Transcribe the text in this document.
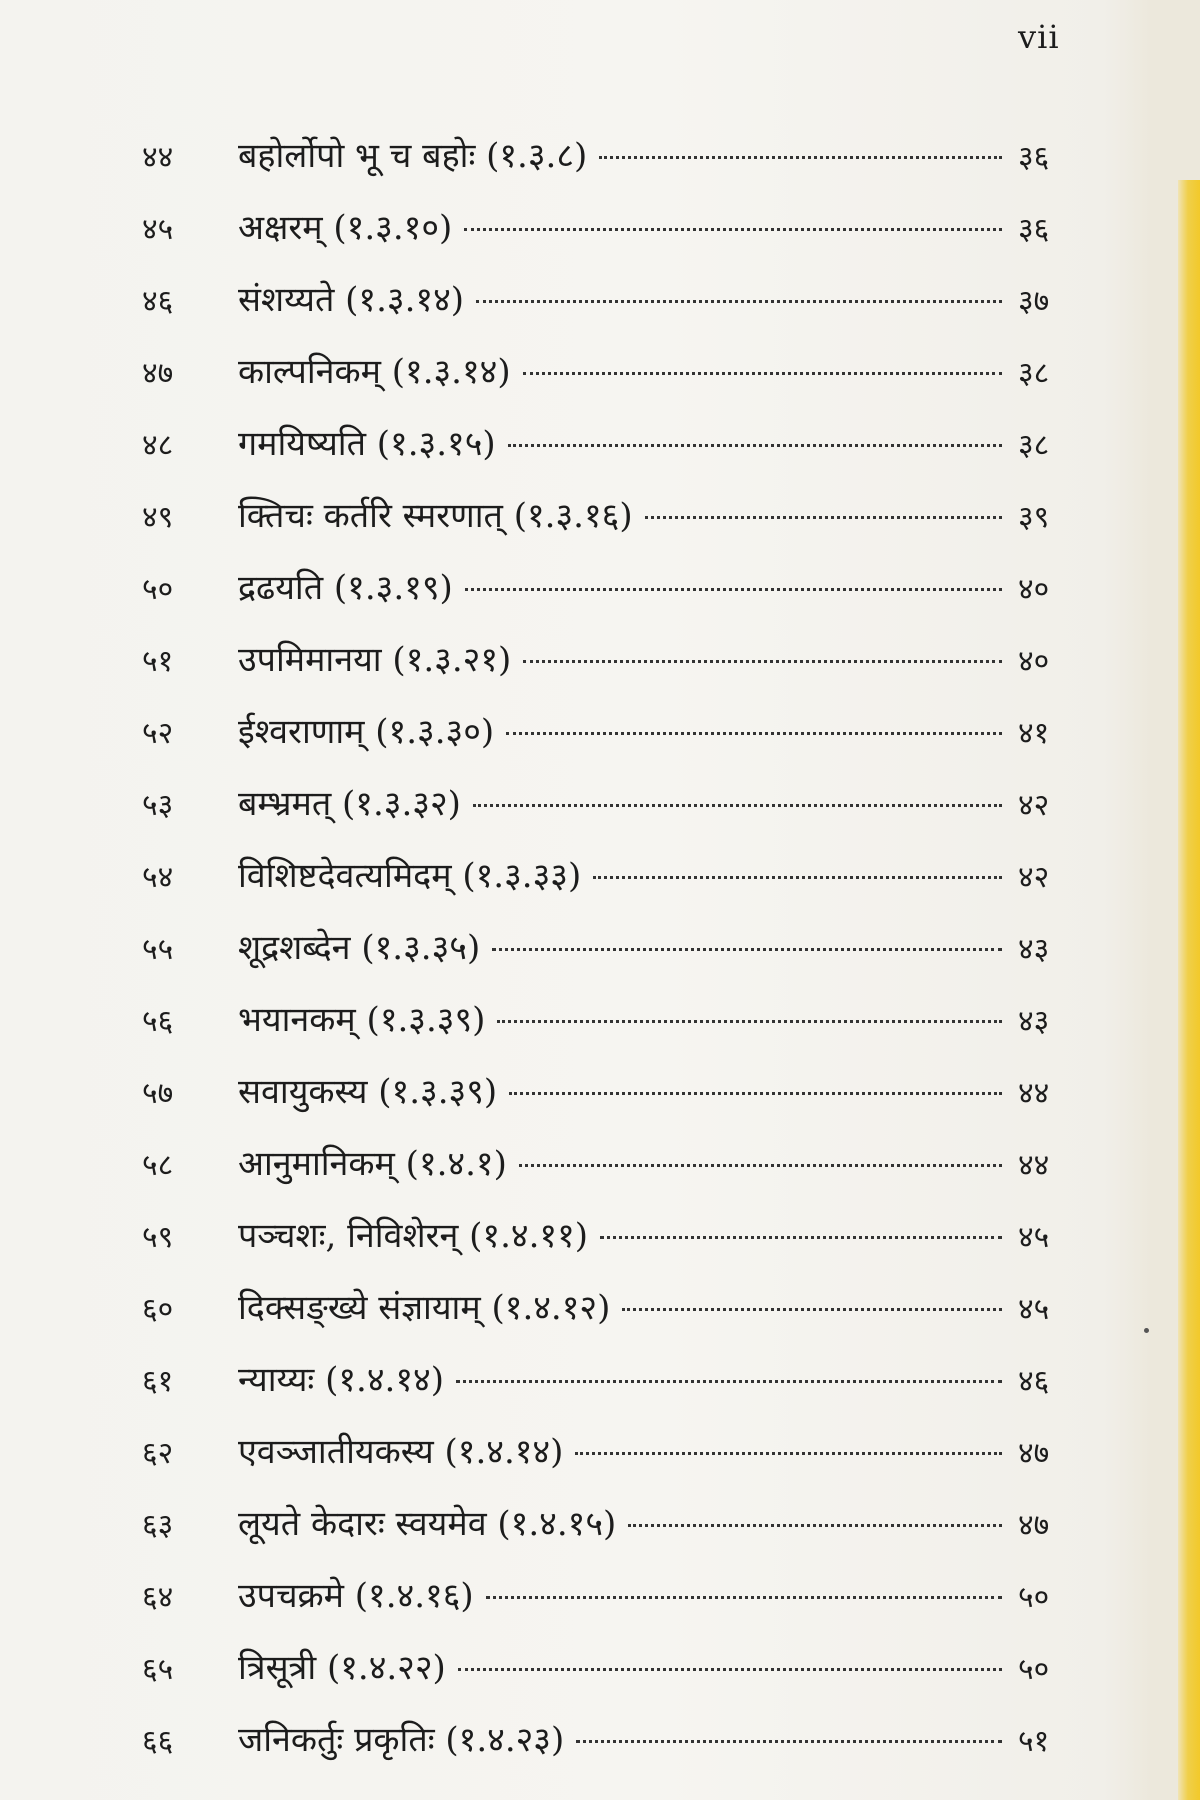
vii
४४	बहोर्लोपो भू च बहोः (१.३.८)	३६
४५	अक्षरम् (१.३.१०)	३६
४६	संशय्यते (१.३.१४)	३७
४७	काल्पनिकम् (१.३.१४)	३८
४८	गमयिष्यति (१.३.१५)	३८
४९	क्तिचः कर्तरि स्मरणात् (१.३.१६)	३९
५०	द्रढयति (१.३.१९)	४०
५१	उपमिमानया (१.३.२१)	४०
५२	ईश्वराणाम् (१.३.३०)	४१
५३	बम्भ्रमत् (१.३.३२)	४२
५४	विशिष्टदेवत्यमिदम् (१.३.३३)	४२
५५	शूद्रशब्देन (१.३.३५)	४३
५६	भयानकम् (१.३.३९)	४३
५७	सवायुकस्य (१.३.३९)	४४
५८	आनुमानिकम् (१.४.१)	४४
५९	पञ्चशः, निविशेरन् (१.४.११)	४५
६०	दिक्सङ्ख्ये संज्ञायाम् (१.४.१२)	४५
६१	न्याय्यः (१.४.१४)	४६
६२	एवञ्जातीयकस्य (१.४.१४)	४७
६३	लूयते केदारः स्वयमेव (१.४.१५)	४७
६४	उपचक्रमे (१.४.१६)	५०
६५	त्रिसूत्री (१.४.२२)	५०
६६	जनिकर्तुः प्रकृतिः (१.४.२३)	५१
